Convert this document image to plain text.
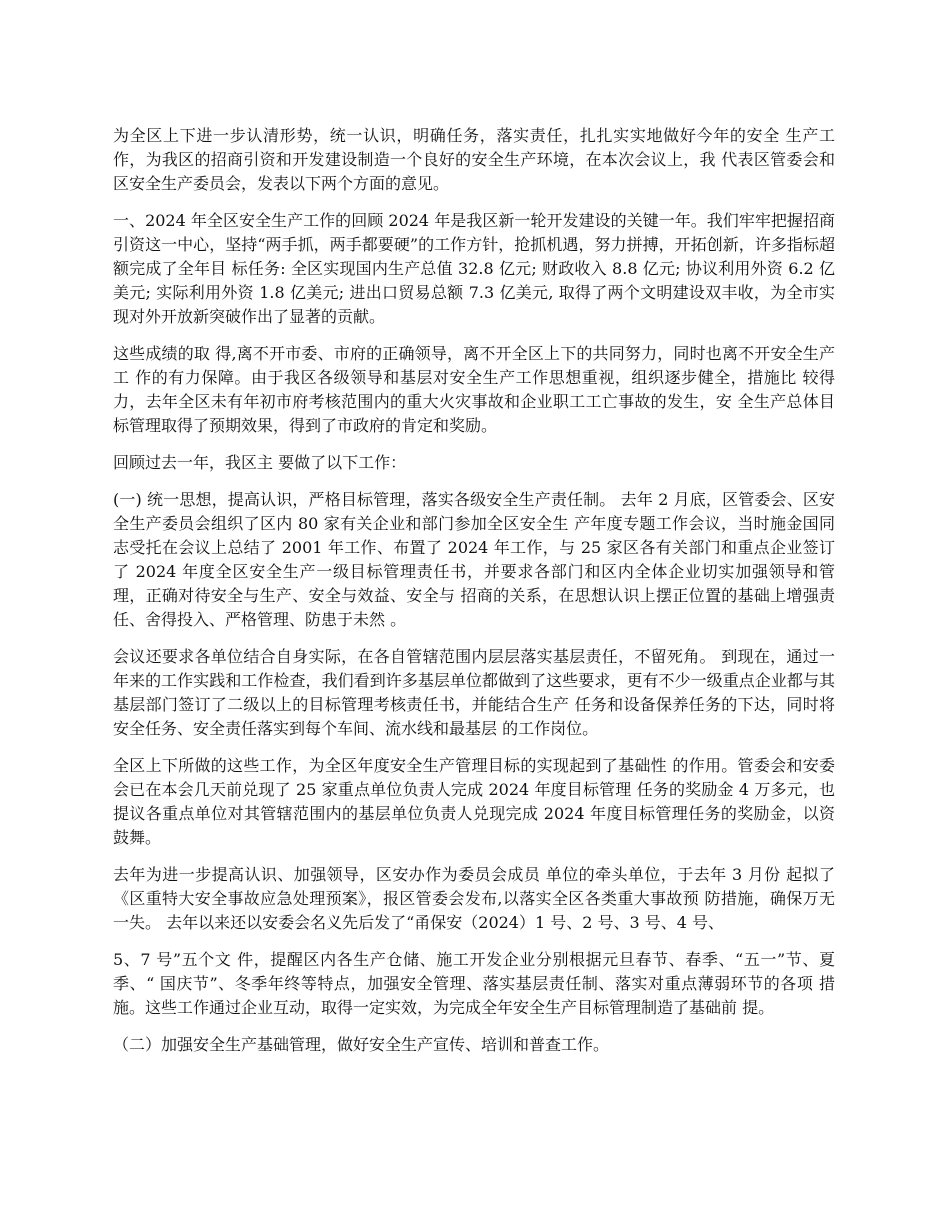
为全区上下进一步认清形势，统一认识，明确任务，落实责任，扎扎实实地做好今年的安全 生产工作，为我区的招商引资和开发建设制造一个良好的安全生产环境，在本次会议上，我 代表区管委会和区安全生产委员会，发表以下两个方面的意见。

一、2024 年全区安全生产工作的回顾 2024 年是我区新一轮开发建设的关键一年。我们牢牢把握招商引资这一中心，坚持“两手抓，两手都要硬”的工作方针，抢抓机遇，努力拼搏，开拓创新，许多指标超额完成了全年目 标任务: 全区实现国内生产总值 32.8 亿元; 财政收入 8.8 亿元; 协议利用外资 6.2 亿美元; 实际利用外资 1.8 亿美元; 进出口贸易总额 7.3 亿美元, 取得了两个文明建设双丰收，为全市实现对外开放新突破作出了显著的贡献。

这些成绩的取 得,离不开市委、市府的正确领导，离不开全区上下的共同努力，同时也离不开安全生产工 作的有力保障。由于我区各级领导和基层对安全生产工作思想重视，组织逐步健全，措施比 较得力，去年全区未有年初市府考核范围内的重大火灾事故和企业职工工亡事故的发生，安 全生产总体目标管理取得了预期效果，得到了市政府的肯定和奖励。

回顾过去一年，我区主 要做了以下工作：

(一) 统一思想，提高认识，严格目标管理，落实各级安全生产责任制。 去年 2 月底，区管委会、区安全生产委员会组织了区内 80 家有关企业和部门参加全区安全生 产年度专题工作会议，当时施金国同志受托在会议上总结了 2001 年工作、布置了 2024 年工作，与 25 家区各有关部门和重点企业签订了 2024 年度全区安全生产一级目标管理责任书，并要求各部门和区内全体企业切实加强领导和管理，正确对待安全与生产、安全与效益、安全与 招商的关系，在思想认识上摆正位置的基础上增强责任、舍得投入、严格管理、防患于未然 。

会议还要求各单位结合自身实际，在各自管辖范围内层层落实基层责任，不留死角。 到现在，通过一年来的工作实践和工作检查，我们看到许多基层单位都做到了这些要求，更有不少一级重点企业都与其基层部门签订了二级以上的目标管理考核责任书，并能结合生产 任务和设备保养任务的下达，同时将安全任务、安全责任落实到每个车间、流水线和最基层 的工作岗位。

全区上下所做的这些工作，为全区年度安全生产管理目标的实现起到了基础性 的作用。管委会和安委会已在本会几天前兑现了 25 家重点单位负责人完成 2024 年度目标管理 任务的奖励金 4 万多元，也提议各重点单位对其管辖范围内的基层单位负责人兑现完成 2024 年度目标管理任务的奖励金，以资鼓舞。

去年为进一步提高认识、加强领导，区安办作为委员会成员 单位的牵头单位，于去年 3 月份 起拟了《区重特大安全事故应急处理预案》，报区管委会发布,以落实全区各类重大事故预 防措施，确保万无一失。 去年以来还以安委会名义先后发了“甬保安（2024）1 号、2 号、3 号、4 号、

5、7 号”五个文 件，提醒区内各生产仓储、施工开发企业分别根据元旦春节、春季、“五一”节、夏季、“ 国庆节”、冬季年终等特点，加强安全管理、落实基层责任制、落实对重点薄弱环节的各项 措施。这些工作通过企业互动，取得一定实效，为完成全年安全生产目标管理制造了基础前 提。

（二）加强安全生产基础管理，做好安全生产宣传、培训和普查工作。
